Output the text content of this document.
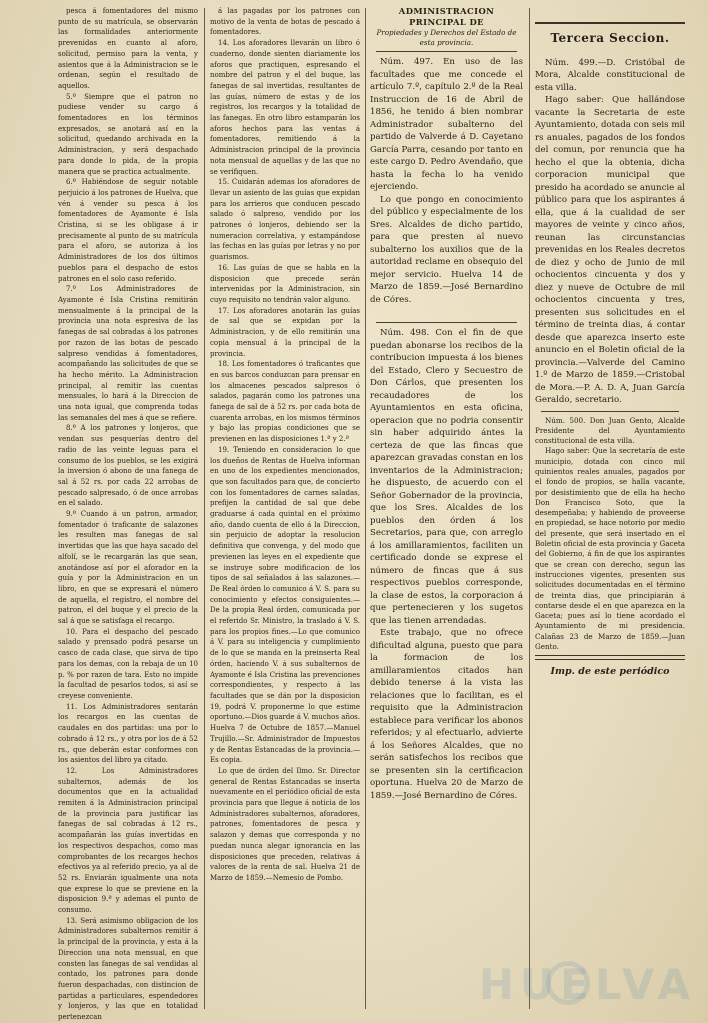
pesca á fomentadores del mismo punto de su matrícula, se observarán las formalidades anteriormente prevenidas en cuanto al aforo, solicitud, permiso para la venta, y asientos que á la Administracion se le ordenan, según el resultado de aquellos.

5.º Siempre que el patron no pudiese vender su cargo á fomentadores en los términos expresados, se anotará así en la solicitud, quedando archivada en la Administracion, y será despachado para donde lo pida, de la propia manera que se practica actualmente.

6.º Habiéndose de seguir notable perjuicio á los patrones de Huelva, que vén á vender su pesca á los fomentadores de Ayamonte é Isla Cristina, si se les obligase á ir precisamente al punto de su matrícula para el aforo, se autoriza á los Administradores de los dos últimos pueblos para el despacho de estos patrones en el solo caso referido.

7.º Los Administradores de Ayamonte é Isla Cristina remitirán mensualmente á la principal de la provincia una nota espresiva de las fanegas de sal cobradas á los patrones por razon de las botas de pescado salpreso vendidas á fomentadores, acompañando las solicitudes de que se ha hecho mérito. La Administracion principal, al remitir las cuentas mensuales, lo hará á la Direccion de una nota igual, que comprenda todas las semanales del mes á que se refiere.

8.º A los patrones y lonjeros, que vendan sus pesquerías dentro del radio de las veinte leguas para el consumo de los pueblos, se les exigirá la inversion ó abono de una fanega de sal á 52 rs. por cada 22 arrobas de pescado salpresado, ó de once arrobas en el salado.

9.º Cuando á un patron, armador, fomentador ó traficante de salazones les resulten mas fanegas de sal invertidas que las que haya sacado del alfolí, se le recargarán las que sean, anotándose así por el aforador en la guía y por la Administracion en un libro, en que se expresará el número de aquella, el registro, el nombre del patron, el del buque y el precio de la sal á que se satisfaga el recargo.

10. Para el despacho del pescado salado y prensado podrá pesarse un casco de cada clase, que sirva de tipo para los demas, con la rebaja de un 10 p. % por razon de tara. Esto no impide la facultad de pesarlos todos, si así se creyese conveniente.

11. Los Administradores sentarán los recargos en las cuentas de caudales en dos partidas: una por lo cobrado á 12 rs., y otra por los de á 52 rs., que deberán estar conformes con los asientos del libro ya citado.

12. Los Administradores subalternos, además de los documentos que en la actualidad remiten á la Administracion principal de la provincia para justificar las fanegas de sal cobradas á 12 rs., acompañarán las guías invertidas en los respectivos despachos, como mas comprobantes de los recargos hechos efectivos ya al referido precio, ya al de 52 rs. Enviarán igualmente una nota que exprese lo que se previene en la disposicion 9.ª y ademas el punto de consumo.

13. Será asimismo obligacion de los Administradores subalternos remitir á la principal de la provincia, y esta á la Direccion una nota mensual, en que consten las fanegas de sal vendidas al contado, los patrones para donde fueron despachadas, con distincion de partidas a particulares, espendedores y lonjeros, y las que en totalidad pertenezcan

á las pagadas por los patrones con motivo de la venta de botas de pescado á fomentadores.

14. Los aforadores llevarán un libro ó cuaderno, donde sienten diariamente los aforos que practiquen, espresando el nombre del patron y el del buque, las fanegas de sal invertidas, resultantes de las guías, número de estas y de los registros, los recargos y la totalidad de las fanegas. En otro libro estamparán los aforos hechos para las ventas á fomentadores, remitiendo á la Administracion principal de la provincia nota mensual de aquellas y de las que no se verifiquen.

15. Cuidarán ademas los aforadores de llevar un asiento de las guías que expidan para los arrieros que conducen pescado salado ó salpreso, vendido por los patrones ó lonjeros, debiendo ser la numeracion correlativa, y estampándose las fechas en las guías por letras y no por guarismos.

16. Las guías de que se habla en la disposicion que precede serán intervenidas por la Administracion, sin cuyo requisito no tendrán valor alguno.

17. Los aforadores anotarán las guías de sal que se expidan por la Administracion, y de ello remitirán una copia mensual á la principal de la provincia.

18. Los fomentadores ó traficantes que en sus barcos conduzcan para prensar en los almacenes pescados salpresos ó salados, pagarán como los patrones una fanega de sal de á 52 rs. por cada bota de cuarenta arrobas, en los mismos términos y bajo las propias condiciones que se previenen en las disposiciones 1.ª y 2.ª

19. Teniendo en consideracion lo que los dueños de Rentas de Huelva informan en uno de los expedientes mencionados, que son facultados para que, de concierto con los fomentadores de carnes saladas, prefijen la cantidad de sal que debe graduarse á cada quintal en el próximo año, dando cuenta de ello á la Direccion, sin perjuicio de adoptar la resolucion definitiva que convenga, y del modo que previenen las leyes en el expediente que se instruye sobre modificacion de los tipos de sal señalados á las salazones.—De Real órden lo comunico á V. S. para su conocimiento y efectos consiguientes.—De la propia Real órden, comunicada por el referido Sr. Ministro, la traslado á V. S. para los propios fines.—Lo que comunico á V. para su inteligencia y cumplimiento de lo que se manda en la preinserta Real órden, haciendo V. á sus subalternos de Ayamonte é Isla Cristina las prevenciones correspondientes, y respecto á las facultades que se dán por la disposicion 19, podrá V. proponerme lo que estime oportuno.—Dios guarde á V. muchos años. Huelva 7 de Octubre de 1857.—Manuel Trujillo.—Sr. Administrador de Impuestos y de Rentas Estancadas de la provincia.—Es copia.

Lo que de órden del Ilmo. Sr. Director general de Rentas Estancadas se inserta nuevamente en el periódico oficial de esta provincia para que llegue á noticia de los Administradores subalternos, aforadores, patrones, fomentadores de pesca y salazon y demas que corresponda y no puedan nunca alegar ignorancia en las disposiciones que preceden, relativas á valores de la renta de sal. Huelva 21 de Marzo de 1859.—Nemesio de Pombo.

ADMINISTRACION PRINCIPAL DE
Propiedades y Derechos del Estado de esta provincia.

Núm. 497. En uso de las facultades que me concede el artículo 7.º, capítulo 2.º de la Real Instruccion de 16 de Abril de 1856, he tenido á bien nombrar Administrador subalterno del partido de Valverde á D. Cayetano García Parra, cesando por tanto en este cargo D. Pedro Avendaño, que hasta la fecha lo ha venido ejerciendo.

Lo que pongo en conocimiento del público y especialmente de los Sres. Alcaldes de dicho partido, para que presten al nuevo subalterno los auxilios que de la autoridad reclame en obsequio del mejor servicio. Huelva 14 de Marzo de 1859.—José Bernardino de Córes.

Núm. 498. Con el fin de que puedan abonarse los recibos de la contribucion impuesta á los bienes del Estado, Clero y Secuestro de Don Cárlos, que presenten los recaudadores de los Ayuntamientos en esta oficina, operacion que no podria consentir sin haber adquirido ántes la certeza de que las fincas que aparezcan gravadas constan en los inventarios de la Administracion; he dispuesto, de acuerdo con el Señor Gobernador de la provincia, que los Sres. Alcaldes de los pueblos den órden á los Secretarios, para que, con arreglo á los amillaramientos, faciliten un certificado donde se exprese el número de fincas que á sus respectivos pueblos corresponde, la clase de estos, la corporacion á que pertenecieren y los sugetos que las tienen arrendadas.

Este trabajo, que no ofrece dificultad alguna, puesto que para la formacion de los amillaramientos citados han debido tenerse á la vista las relaciones que lo facilitan, es el requisito que la Administracion establece para verificar los abonos referidos; y al efectuarlo, advierte á los Señores Alcaldes, que no serán satisfechos los recibos que se presenten sin la certificacion oportuna. Huelva 20 de Marzo de 1859.—José Bernardino de Córes.

Tercera Seccion.

Núm. 499.—D. Cristóbal de Mora, Alcalde constitucional de esta villa.

Hago saber: Que hallándose vacante la Secretaria de este Ayuntamiento, dotada con seis mil rs anuales, pagados de los fondos del comun, por renuncia que ha hecho el que la obtenia, dicha corporacion municipal que presido ha acordado se anuncie al público para que los aspirantes á ella, que á la cualidad de ser mayores de veinte y cinco años, reunan las circunstancias prevenidas en los Reales decretos de diez y ocho de Junio de mil ochocientos cincuenta y dos y diez y nueve de Octubre de mil ochocientos cincuenta y tres, presenten sus solicitudes en el término de treinta dias, á contar desde que aparezca inserto este anuncio en el Boletin oficial de la provincia.—Valverde del Camino 1.º de Marzo de 1859.—Cristobal de Mora.—P. A. D. A, Juan García Geraldo, secretario.

Núm. 500. Don Juan Gento, Alcalde Presidente del Ayuntamiento constitucional de esta villa.

Hago saber: Que la secretaría de este municipio, dotada con cinco mil quinientos reales anuales, pagados por el fondo de propios, se halla vacante, por desistimiento que de ella ha hecho Don Francisco Soto, que la desempeñaba; y habiendo de proveerse en propiedad, se hace notorio por medio del presente, que será insertado en el Boletin oficial de esta provincia y Gaceta del Gobierno, á fin de que los aspirantes que se crean con derecho, segun las instrucciones vigentes, presenten sus solicitudes documentadas en el término de treinta dias, que principiarán á contarse desde el en que aparezca en la Gaceta; pues así lo tiene acordado el Ayuntamiento de mi presidencia. Calañas 23 de Marzo de 1859.—Juan Gento.

Imp. de este periódico
HUELVA
